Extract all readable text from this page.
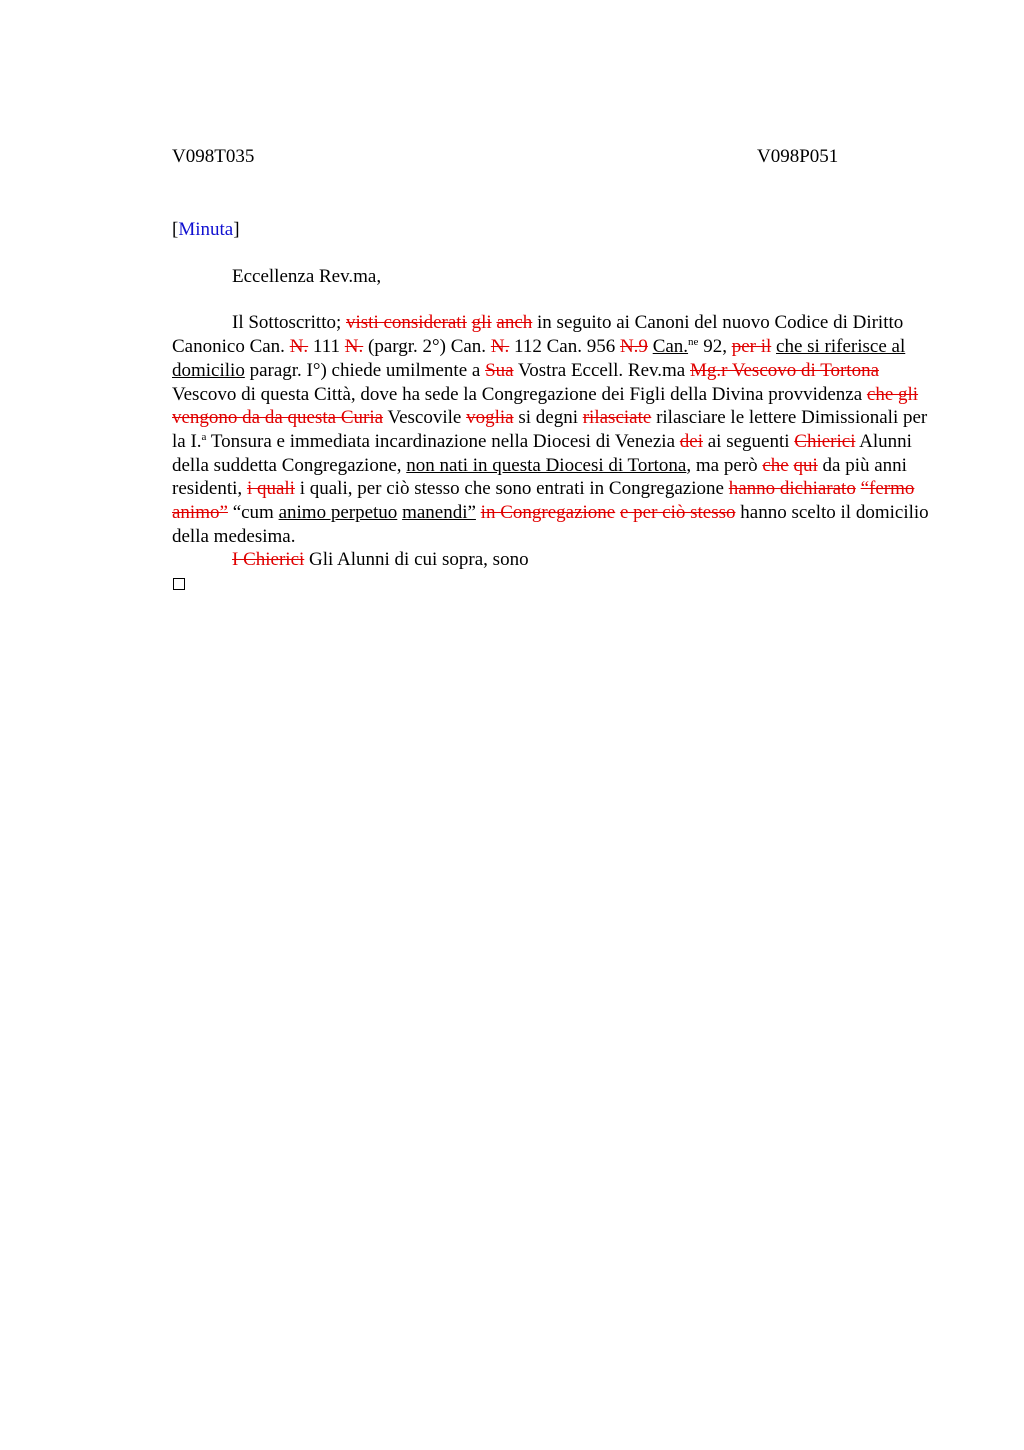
V098T035	V098P051
[Minuta]
Eccellenza Rev.ma,
Il Sottoscritto; visti considerati gli anch in seguito ai Canoni del nuovo Codice di Diritto Canonico Can. N. 111 N. (pargr. 2°) Can. N. 112 Can. 956 N.9 Can.$^{ne}$ 92, per il che si riferisce al domicilio paragr. I°) chiede umilmente a Sua Vostra Eccell. Rev.ma Mg.r Vescovo di Tortona Vescovo di questa Città, dove ha sede la Congregazione dei Figli della Divina provvidenza che gli vengono da da questa Curia Vescovile voglia si degni rilasciate rilasciare le lettere Dimissionali per la I.$^a$ Tonsura e immediata incardinazione nella Diocesi di Venezia dei ai seguenti Chierici Alunni della suddetta Congregazione, non nati in questa Diocesi di Tortona, ma però che qui da più anni residenti, i quali i quali, per ciò stesso che sono entrati in Congregazione hanno dichiarato “fermo animo” “cum animo perpetuo manendi” in Congregazione e per ciò stesso hanno scelto il domicilio della medesima.
I Chierici Gli Alunni di cui sopra, sono
